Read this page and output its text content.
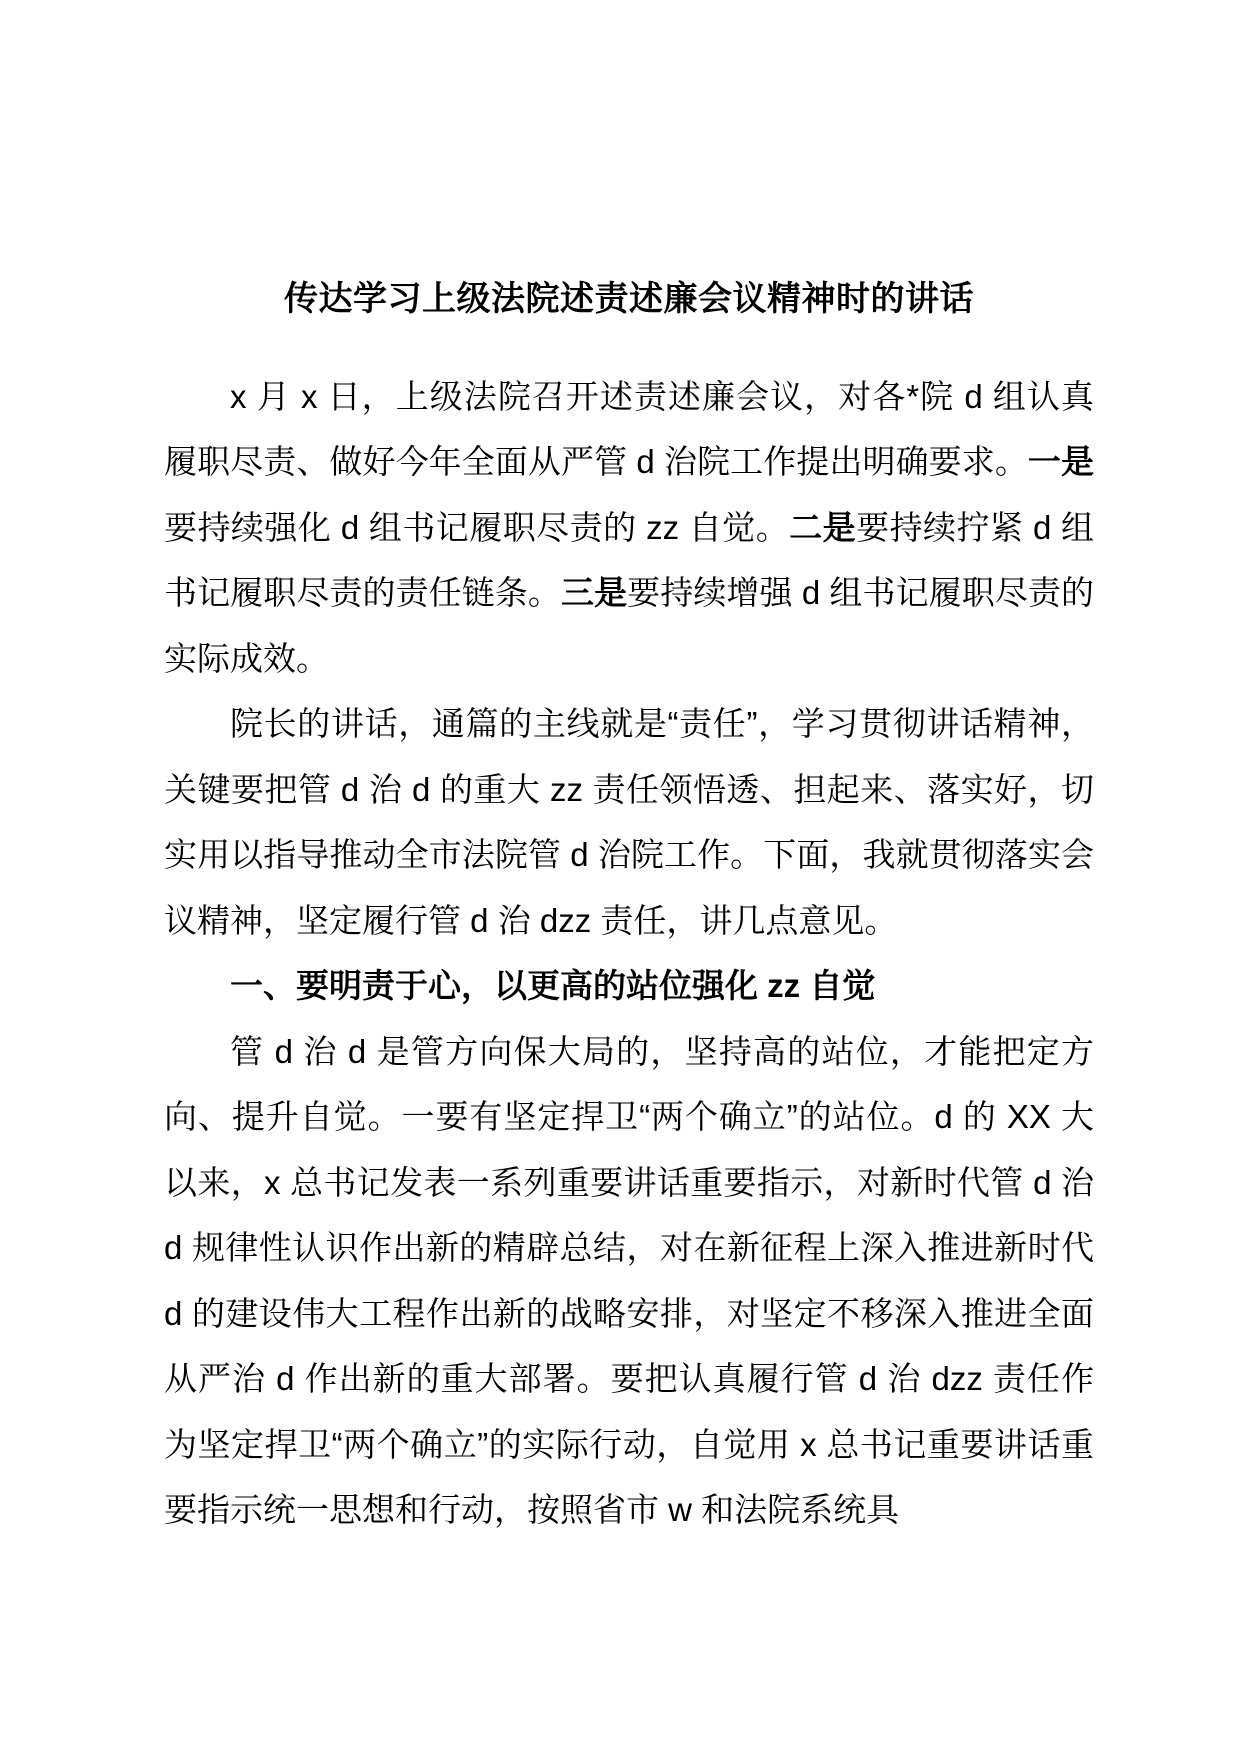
传达学习上级法院述责述廉会议精神时的讲话

x 月 x 日，上级法院召开述责述廉会议，对各*院 d 组认真履职尽责、做好今年全面从严管 d 治院工作提出明确要求。一是要持续强化 d 组书记履职尽责的 zz 自觉。二是要持续拧紧 d 组书记履职尽责的责任链条。三是要持续增强 d 组书记履职尽责的实际成效。

院长的讲话，通篇的主线就是“责任”，学习贯彻讲话精神，关键要把管 d 治 d 的重大 zz 责任领悟透、担起来、落实好，切实用以指导推动全市法院管 d 治院工作。下面，我就贯彻落实会议精神，坚定履行管 d 治 dzz 责任，讲几点意见。

一、要明责于心，以更高的站位强化 zz 自觉

管 d 治 d 是管方向保大局的，坚持高的站位，才能把定方向、提升自觉。一要有坚定捍卫“两个确立”的站位。d 的 XX 大以来，x 总书记发表一系列重要讲话重要指示，对新时代管 d 治 d 规律性认识作出新的精辟总结，对在新征程上深入推进新时代 d 的建设伟大工程作出新的战略安排，对坚定不移深入推进全面从严治 d 作出新的重大部署。要把认真履行管 d 治 dzz 责任作为坚定捍卫“两个确立”的实际行动，自觉用 x 总书记重要讲话重要指示统一思想和行动，按照省市 w 和法院系统具
